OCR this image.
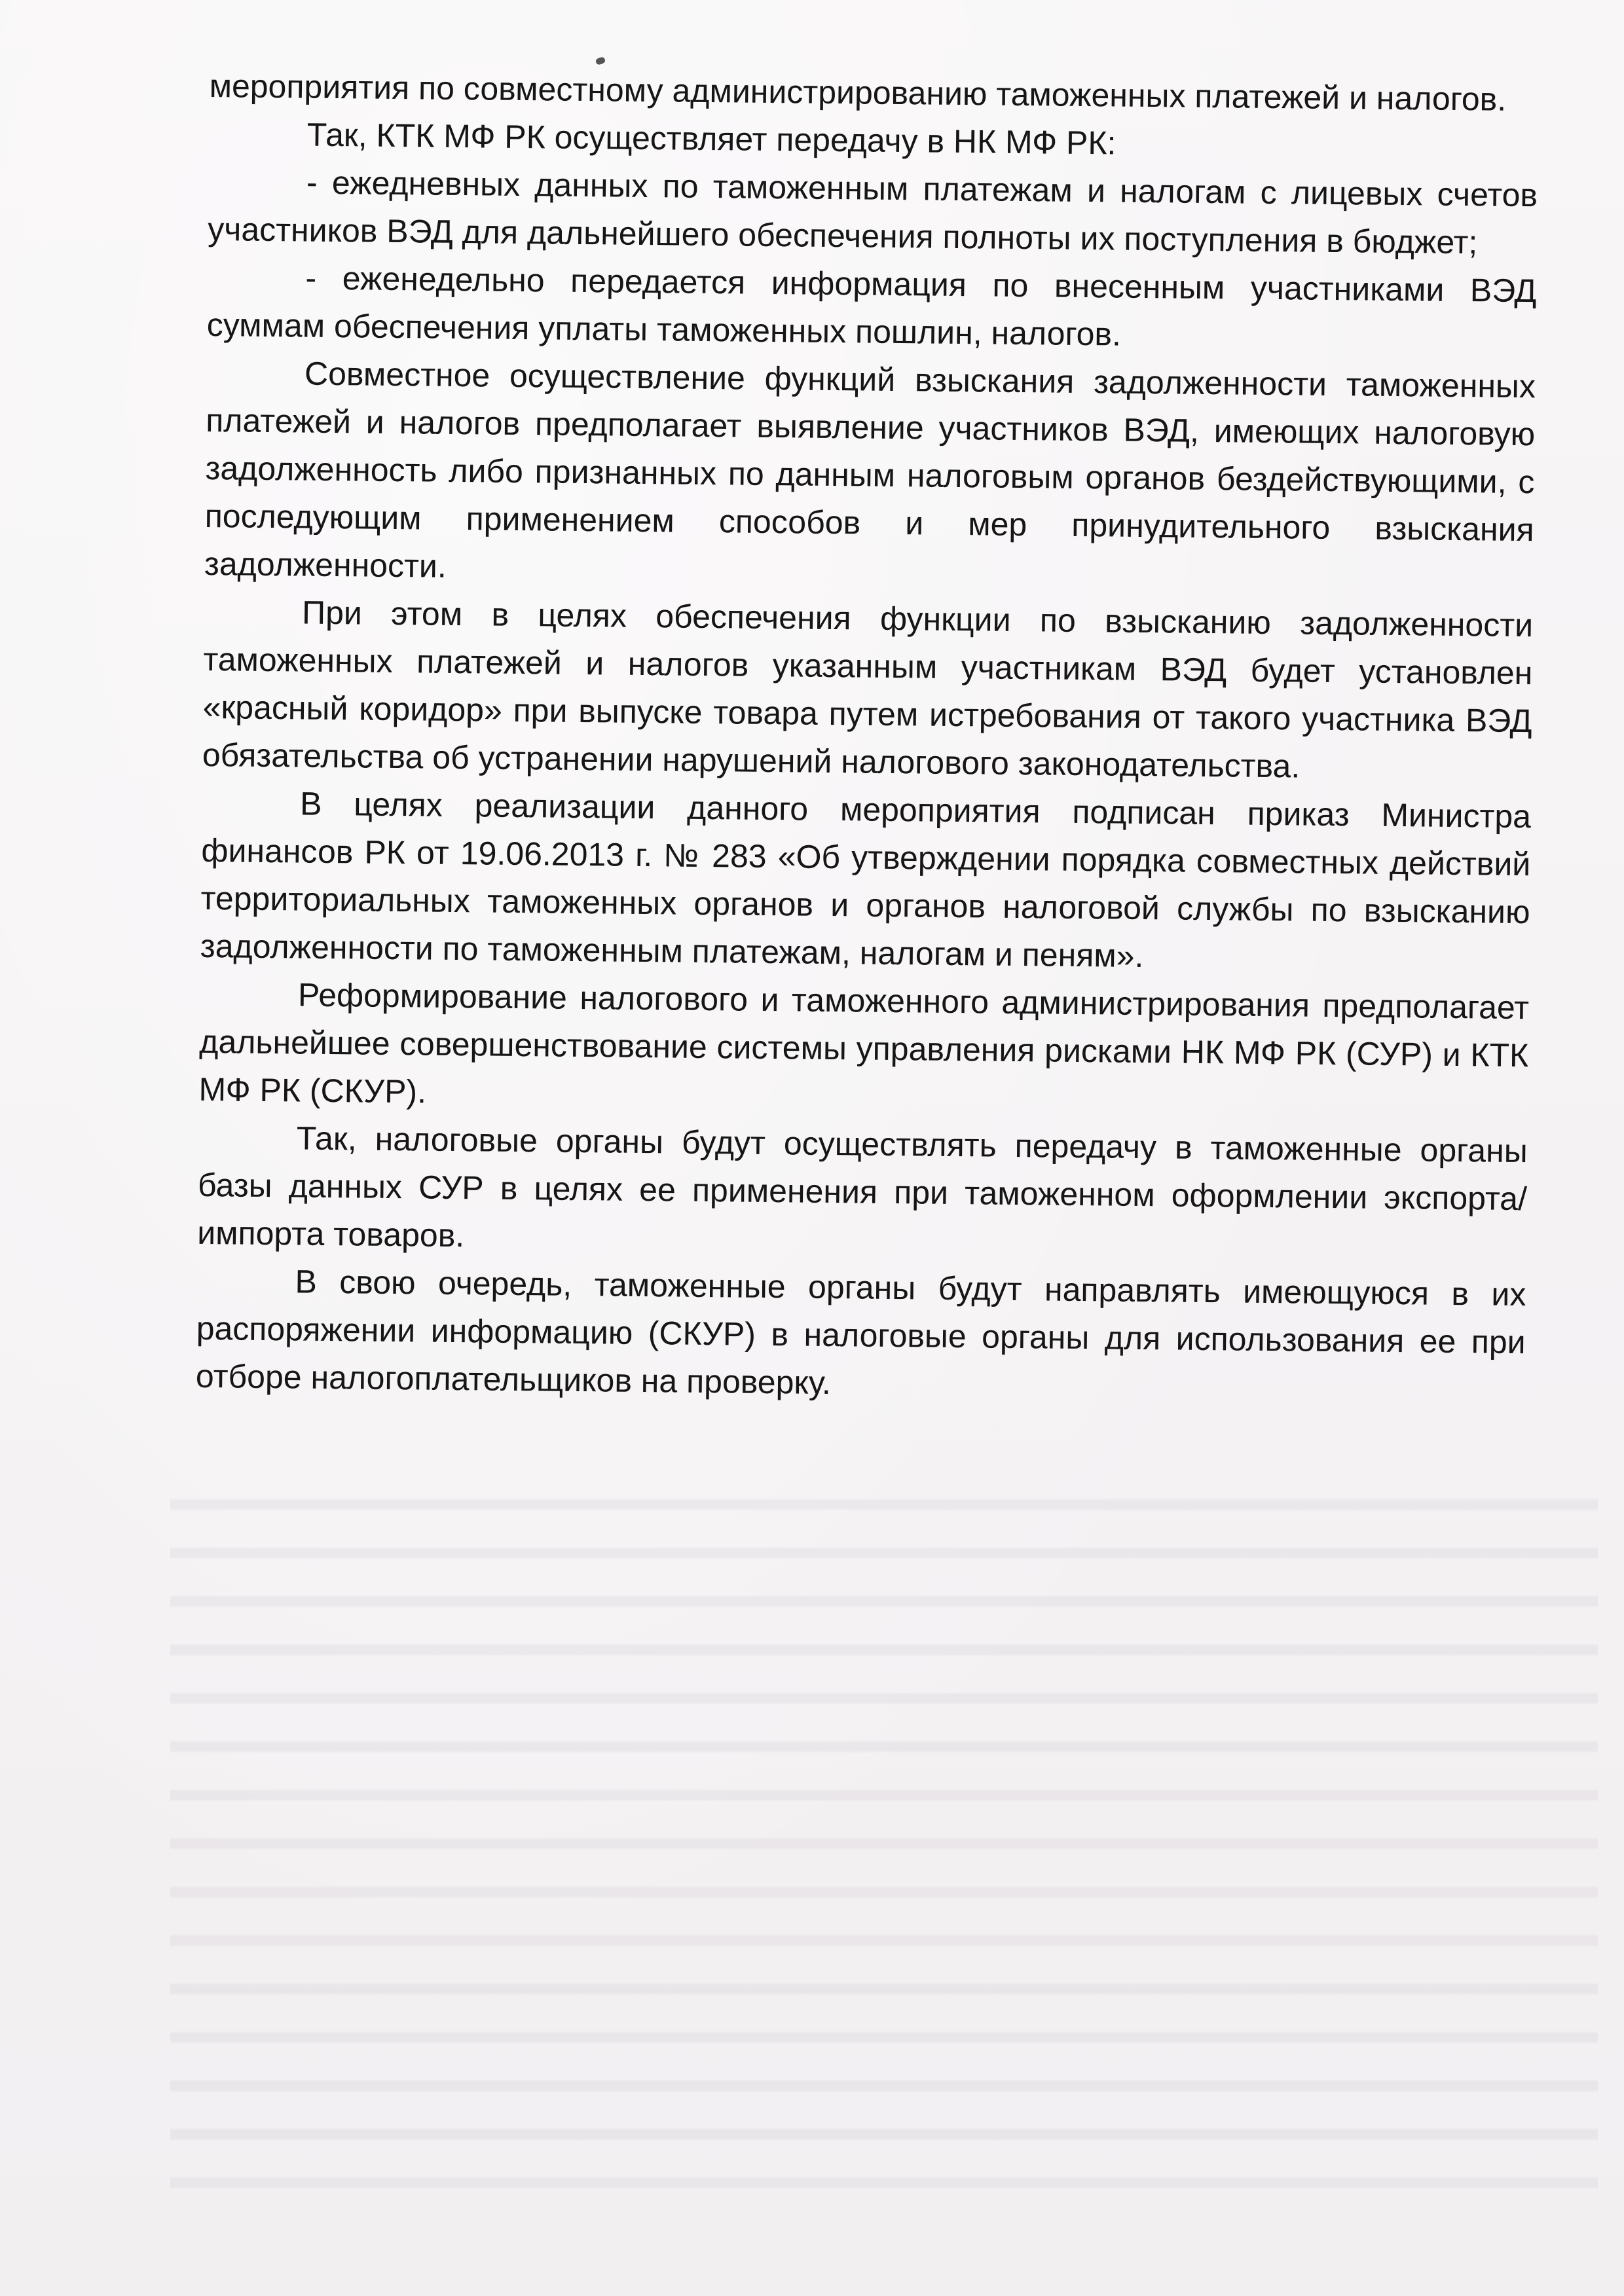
мероприятия по совместному администрированию таможенных платежей и налогов.

Так, КТК МФ РК осуществляет передачу в НК МФ РК:

- ежедневных данных по таможенным платежам и налогам с лицевых счетов участников ВЭД для дальнейшего обеспечения полноты их поступления в бюджет;

- еженедельно передается информация по внесенным участниками ВЭД суммам обеспечения уплаты таможенных пошлин, налогов.

Совместное осуществление функций взыскания задолженности таможенных платежей и налогов предполагает выявление участников ВЭД, имеющих налоговую задолженность либо признанных по данным налоговым органов бездействующими, с последующим применением способов и мер принудительного взыскания задолженности.

При этом в целях обеспечения функции по взысканию задолженности таможенных платежей и налогов указанным участникам ВЭД будет установлен «красный коридор» при выпуске товара путем истребования от такого участника ВЭД обязательства об устранении нарушений налогового законодательства.

В целях реализации данного мероприятия подписан приказ Министра финансов РК от 19.06.2013 г. № 283 «Об утверждении порядка совместных действий территориальных таможенных органов и органов налоговой службы по взысканию задолженности по таможенным платежам, налогам и пеням».

Реформирование налогового и таможенного администрирования предполагает дальнейшее совершенствование системы управления рисками НК МФ РК (СУР) и КТК МФ РК (СКУР).

Так, налоговые органы будут осуществлять передачу в таможенные органы базы данных СУР в целях ее применения при таможенном оформлении экспорта/импорта товаров.

В свою очередь, таможенные органы будут направлять имеющуюся в их распоряжении информацию (СКУР) в налоговые органы для использования ее при отборе налогоплательщиков на проверку.
